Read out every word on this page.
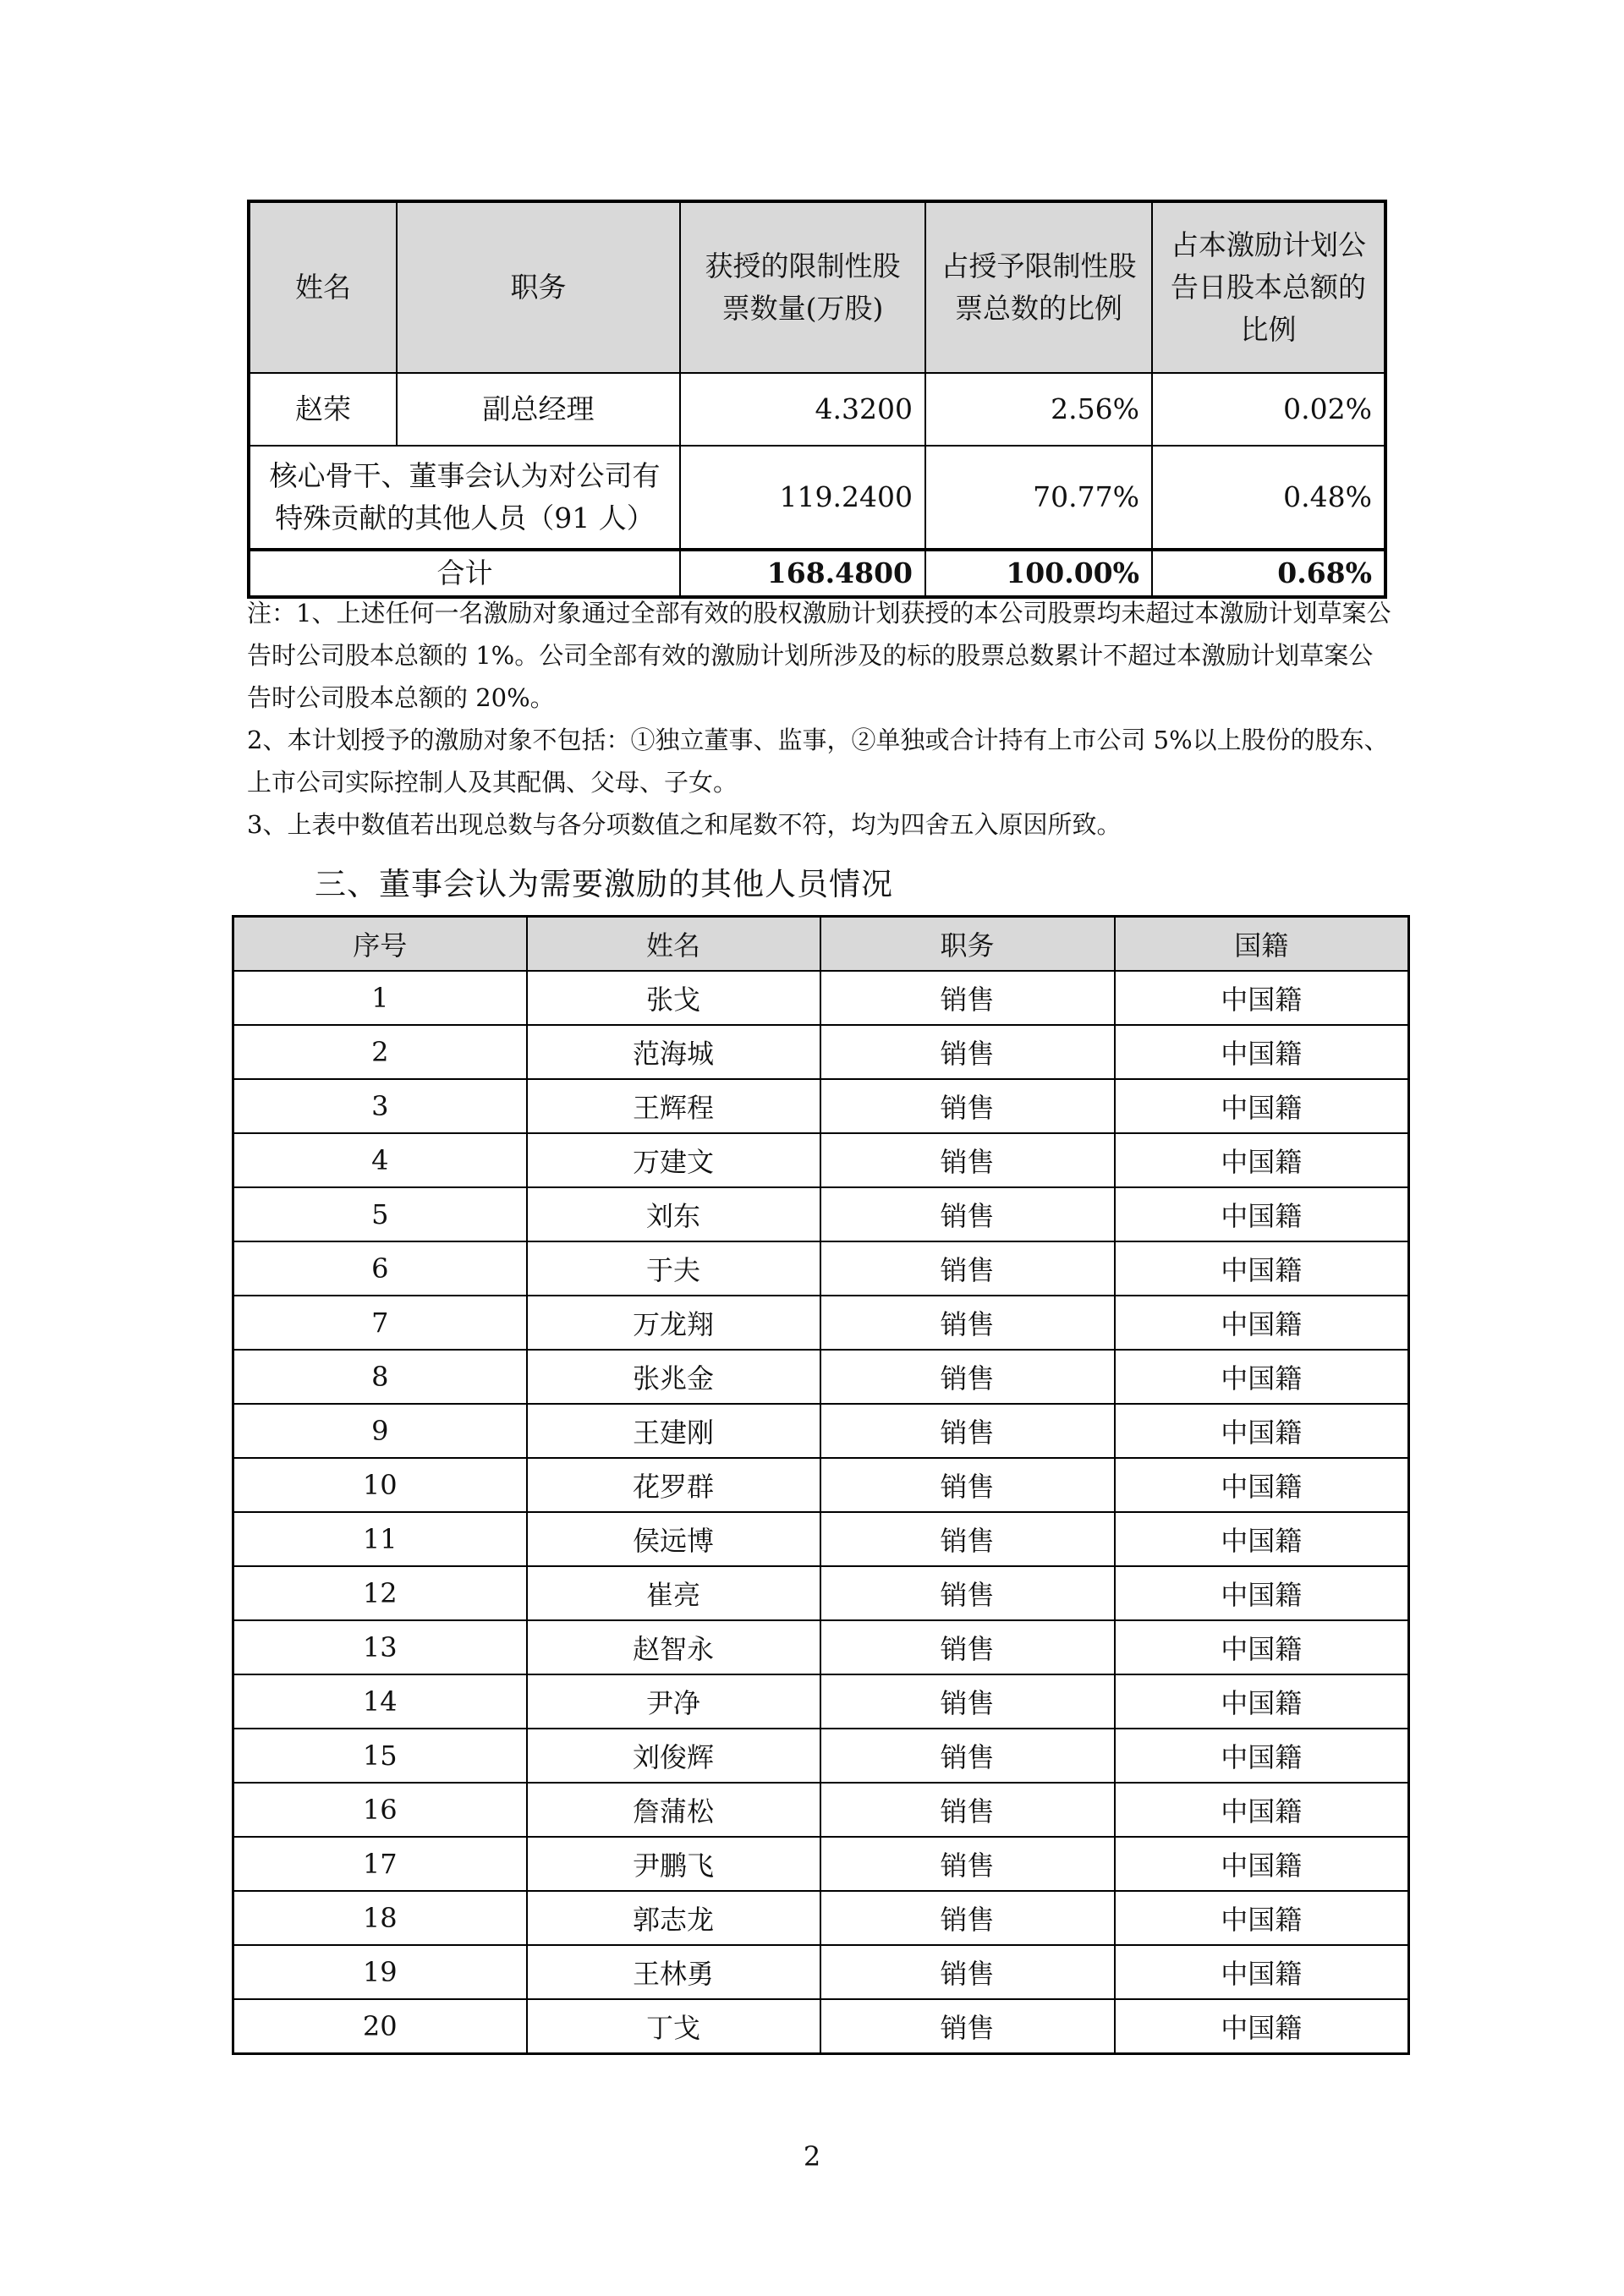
姓名	职务	获授的限制性股票数量(万股)	占授予限制性股票总数的比例	占本激励计划公告日股本总额的比例
赵荣	副总经理	4.3200	2.56%	0.02%
核心骨干、董事会认为对公司有特殊贡献的其他人员（91 人）		119.2400	70.77%	0.48%
合计		168.4800	100.00%	0.68%

注：1、上述任何一名激励对象通过全部有效的股权激励计划获授的本公司股票均未超过本激励计划草案公告时公司股本总额的 1%。公司全部有效的激励计划所涉及的标的股票总数累计不超过本激励计划草案公告时公司股本总额的 20%。

2、本计划授予的激励对象不包括：①独立董事、监事，②单独或合计持有上市公司 5%以上股份的股东、上市公司实际控制人及其配偶、父母、子女。

3、上表中数值若出现总数与各分项数值之和尾数不符，均为四舍五入原因所致。

三、董事会认为需要激励的其他人员情况
序号	姓名	职务	国籍
1	张戈	销售	中国籍
2	范海城	销售	中国籍
3	王辉程	销售	中国籍
4	万建文	销售	中国籍
5	刘东	销售	中国籍
6	于夫	销售	中国籍
7	万龙翔	销售	中国籍
8	张兆金	销售	中国籍
9	王建刚	销售	中国籍
10	花罗群	销售	中国籍
11	侯远博	销售	中国籍
12	崔亮	销售	中国籍
13	赵智永	销售	中国籍
14	尹净	销售	中国籍
15	刘俊辉	销售	中国籍
16	詹蒲松	销售	中国籍
17	尹鹏飞	销售	中国籍
18	郭志龙	销售	中国籍
19	王林勇	销售	中国籍
20	丁戈	销售	中国籍
2
